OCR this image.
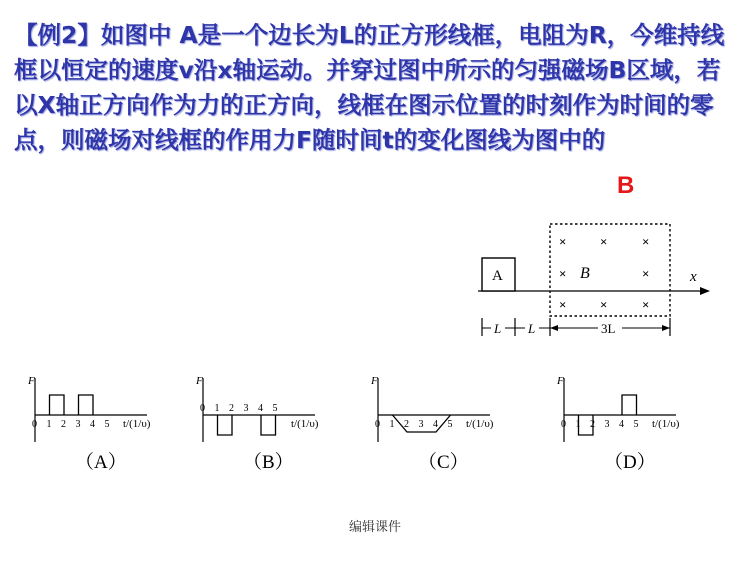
【例2】如图中 A是一个边长为L的正方形线框，电阻为R，今维持线框以恒定的速度v沿x轴运动。并穿过图中所示的匀强磁场B区域，若以X轴正方向作为力的正方向，线框在图示位置的时刻作为时间的零点，则磁场对线框的作用力F随时间t的变化图线为图中的

B
x
A
×	×	×
×	×
×	×	×
B
L L	3L
F
t/(1/υ)
0 1 2 3 4 5
（A）
F
t/(1/υ)
0 1 2 3 4 5
（B）
F
t/(1/υ)
0 1 2 3 4 5
（C）
F
t/(1/υ)
0 1 2 3 4 5
（D）
编辑课件
